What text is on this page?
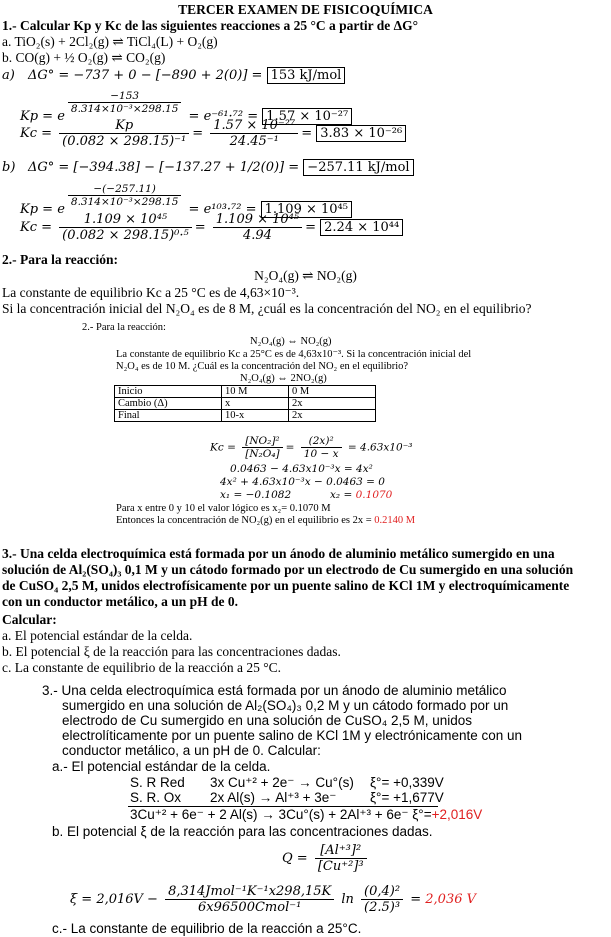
TERCER EXAMEN DE FISICOQUÍMICA
1.- Calcular Kp y Kc de las siguientes reacciones a 25 °C a partir de ΔG°
a. TiO₂(s) + 2Cl₂(g) ⇌ TiCl₄(L) + O₂(g)
b. CO(g) + ½ O₂(g) ⇌ CO₂(g)
a) ΔG° = −737 + 0 − [−890 + 2(0)] = 153 kJ/mol
Kp = e
$\frac{-153}{\text{8.314×10⁻³×298.15}}$
= e⁻⁶¹·⁷² = 1.57 × 10⁻²⁷
$Kc = \frac{Kp}{\text{(0.082 × 298.15)⁻¹}} = \frac{\text{1.57 × 10⁻²⁷}}{\text{24.45⁻¹}} = 3.83 \times 10^{-26}$
b) ΔG° = [−394.38] − [−137.27 + 1/2(0)] = −257.11 kJ/mol
Kp = e
$\frac{-(-257.11)}{\text{8.314×10⁻³×298.15}}$
= e¹⁰³·⁷² = 1.109 × 10⁴⁵
$Kc = \frac{\text{1.109 × 10⁴⁵}}{\text{(0.082 × 298.15)⁰·⁵}} = \frac{\text{1.109 × 10⁴⁵}}{4.94} = 2.24 \times 10^{44}$
2.- Para la reacción:
N₂O₄(g) ⇌ NO₂(g)
La constante de equilibrio Kc a 25 °C es de 4,63×10⁻³.
Si la concentración inicial del N₂O₄ es de 8 M, ¿cuál es la concentración del NO₂ en el equilibrio?
2.- Para la reacción:
N₂O₄(g) ⇔ NO₂(g)
La constante de equilibrio Kc a 25°C es de 4,63x10⁻³. Si la concentración inicial del
N₂O₄ es de 10 M. ¿Cuál es la concentración del NO₂ en el equilibrio?
N₂O₄(g) ⇔ 2NO₂(g)
Inicio	10 M	0 M
Cambio (Δ)	x	2x
Final	10-x	2x
$Kc = \frac{\text{[NO₂]²}}{\text{[N₂O₄]}} = \frac{\text{(2x)²}}{10 - x} = 4.63x10^{-3}$
0.0463 − 4.63x10⁻³x = 4x²
4x² + 4.63x10⁻³x − 0.0463 = 0
x₁ = −0.1082	x₂ = 0.1070
Para x entre 0 y 10 el valor lógico es x₂= 0.1070 M
Entonces la concentración de NO₂(g) en el equilibrio es 2x = 0.2140 M
3.- Una celda electroquímica está formada por un ánodo de aluminio metálico sumergido en una
solución de Al₂(SO₄)₃ 0,1 M y un cátodo formado por un electrodo de Cu sumergido en una solución
de CuSO₄ 2,5 M, unidos electrofísicamente por un puente salino de KCl 1M y electroquímicamente
con un conductor metálico, a un pH de 0.
Calcular:
a. El potencial estándar de la celda.
b. El potencial ξ de la reacción para las concentraciones dadas.
c. La constante de equilibrio de la reacción a 25 °C.
3.- Una celda electroquímica está formada por un ánodo de aluminio metálico
sumergido en una solución de Al₂(SO₄)₃ 0,2 M y un cátodo formado por un
electrodo de Cu sumergido en una solución de CuSO₄ 2,5 M, unidos
electrolíticamente por un puente salino de KCl 1M y electrónicamente con un
conductor metálico, a un pH de 0. Calcular:
a.- El potencial estándar de la celda.
S. R Red 3x Cu⁺² + 2e⁻ → Cu°(s) ξ°= +0,339V
S. R. Ox 2x Al(s) → Al⁺³ + 3e⁻ ξ°= +1,677V
3Cu⁺² + 6e⁻ + 2 Al(s) → 3Cu°(s) + 2Al⁺³ + 6e⁻ ξ°=+2,016V
b. El potencial ξ de la reacción para las concentraciones dadas.
$Q = \frac{\text{[Al⁺³]²}}{\text{[Cu⁺²]³}}$
$\xi = 2,016V - \frac{\text{8,314Jmol⁻¹K⁻¹x298,15K}}{\text{6x96500Cmol⁻¹}}$ $\ln \frac{\text{(0,4)²}}{\text{(2.5)³}} = 2,036$ V
c.- La constante de equilibrio de la reacción a 25°C.
